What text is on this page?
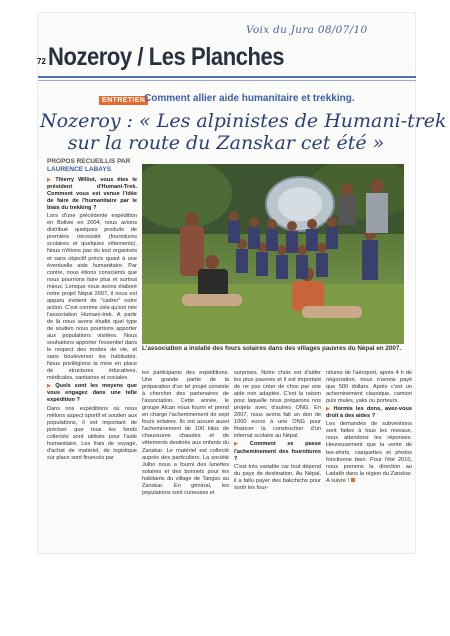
Voix du Jura 08/07/10
72 Nozeroy / Les Planches
ENTRETIEN
Comment allier aide humanitaire et trekking.
Nozeroy : « Les alpinistes de Humani-trek
sur la route du Zanskar cet été »
PROPOS RECUEILLIS PAR
LAURENCE LABAYS

▶ Thierry Williot, vous êtes le président d'Humani-Trek. Comment vous est venue l'idée de faire de l'humanitaire par le biais du trekking ?

Lors d'une précédente expédition en Bolivie en 2004, nous avions distribué quelques produits de première nécessité (fournitures scolaires et quelques vêtements). Nous n'étions pas du tout organisés et sans objectif précis quant à une éventuelle aide humanitaire. Par contre, nous étions conscients que nous pourrions faire plus et surtout mieux. Lorsque nous avons élaboré notre projet Népal 2007, il nous est apparu évident de "cadrer" notre action. C'est comme cela qu'est née l'association Humani-trek. A partir de là nous avons étudié quel type de soutien nous pourrions apporter aux populations visitées. Nous souhaitons apporter l'essentiel dans le respect des modes de vie, et sans bouleverser les habitudes. Nous privilégions la mise en place de structures éducatives, médicales, sanitaires et sociales.

▶ Quels sont les moyens que vous engagez dans une telle expédition ?

Dans nos expéditions où nous mêlons aspect sportif et soutien aux populations, il est important de préciser que tous les fonds collectés sont utilisés pour l'aide humanitaire. Les frais de voyage, d'achat de matériel, de logistique sur place sont financés par

L'association a installé des fours solaires dans des villages pauvres du Népal en 2007.

les participants des expéditions. Une grande partie de la préparation d'un tel projet consiste à chercher des partenaires de l'association. Cette année, le groupe Alcan nous fourni et prend en charge l'acheminement de sept fours solaires. Ils ont assuré aussi l'acheminement de 100 kilos de chaussures chaudes et de vêtements destinés aux enfants du Zanskar. Le matériel est collecté auprès des particuliers. La société Julbo nous a fourni des lunettes solaires et des bonnets pour les habitants du village de Tangso au Zanskar. En général, les populations sont curieuses et

surprises. Notre choix est d'aider les plus pauvres et il est important de ne pas créer de choc par une aide non adaptée. C'est la raison pour laquelle nous préparons nos projets avec d'autres ONG. En 2007, nous avons fait un don de 1000 euros à une ONG pour financer la construction d'un internat scolaire au Népal.

▶ Comment se passe l'acheminement des fournitures ?

C'est très variable car tout dépend du pays de destination. Au Népal, il a fallu payer des bakchichs pour sortir les four-

nitures de l'aéroport, après 4 h de négociation, nous n'avons payé que 500 dollars. Après c'est un acheminement classique, camion puis mules, yaks ou porteurs.

▶ Hormis les dons, avez-vous droit à des aides ?

Les demandes de subventions sont faites à tous les niveaux, nous attendons les réponses. Heureusement que la vente de tee-shirts, casquettes et photos fonctionne bien. Pour l'été 2010, nous prenons la direction au Ladakh dans la région du Zanskar. A suivre !
